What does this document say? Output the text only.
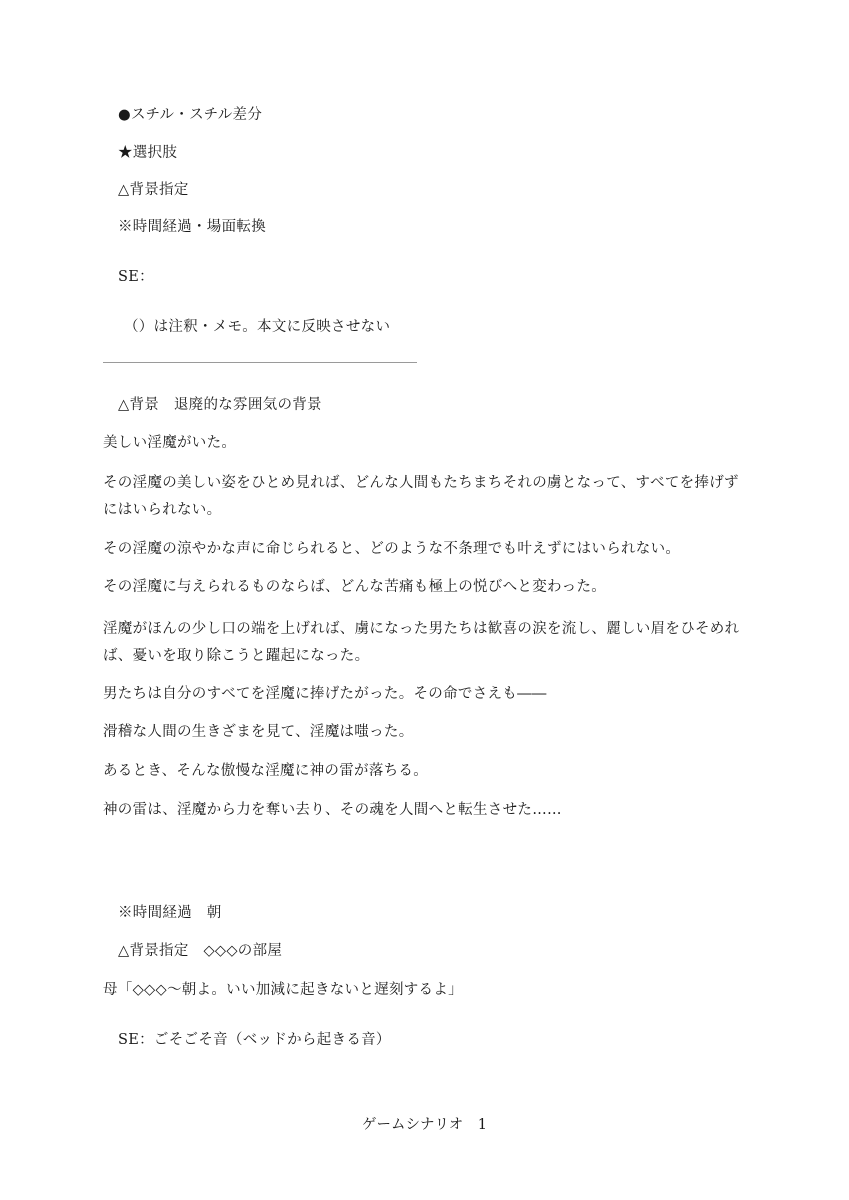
●スチル・スチル差分
★選択肢
△背景指定
※時間経過・場面転換
SE：
（）は注釈・メモ。本文に反映させない
△背景　退廃的な雰囲気の背景
美しい淫魔がいた。
その淫魔の美しい姿をひとめ見れば、どんな人間もたちまちそれの虜となって、すべてを捧げずにはいられない。
その淫魔の涼やかな声に命じられると、どのような不条理でも叶えずにはいられない。
その淫魔に与えられるものならば、どんな苦痛も極上の悦びへと変わった。
淫魔がほんの少し口の端を上げれば、虜になった男たちは歓喜の涙を流し、麗しい眉をひそめれば、憂いを取り除こうと躍起になった。
男たちは自分のすべてを淫魔に捧げたがった。その命でさえも――
滑稽な人間の生きざまを見て、淫魔は嗤った。
あるとき、そんな傲慢な淫魔に神の雷が落ちる。
神の雷は、淫魔から力を奪い去り、その魂を人間へと転生させた……
※時間経過　朝
△背景指定　◇◇◇の部屋
母「◇◇◇～朝よ。いい加減に起きないと遅刻するよ」
SE：ごそごそ音（ベッドから起きる音）
ゲームシナリオ　1
